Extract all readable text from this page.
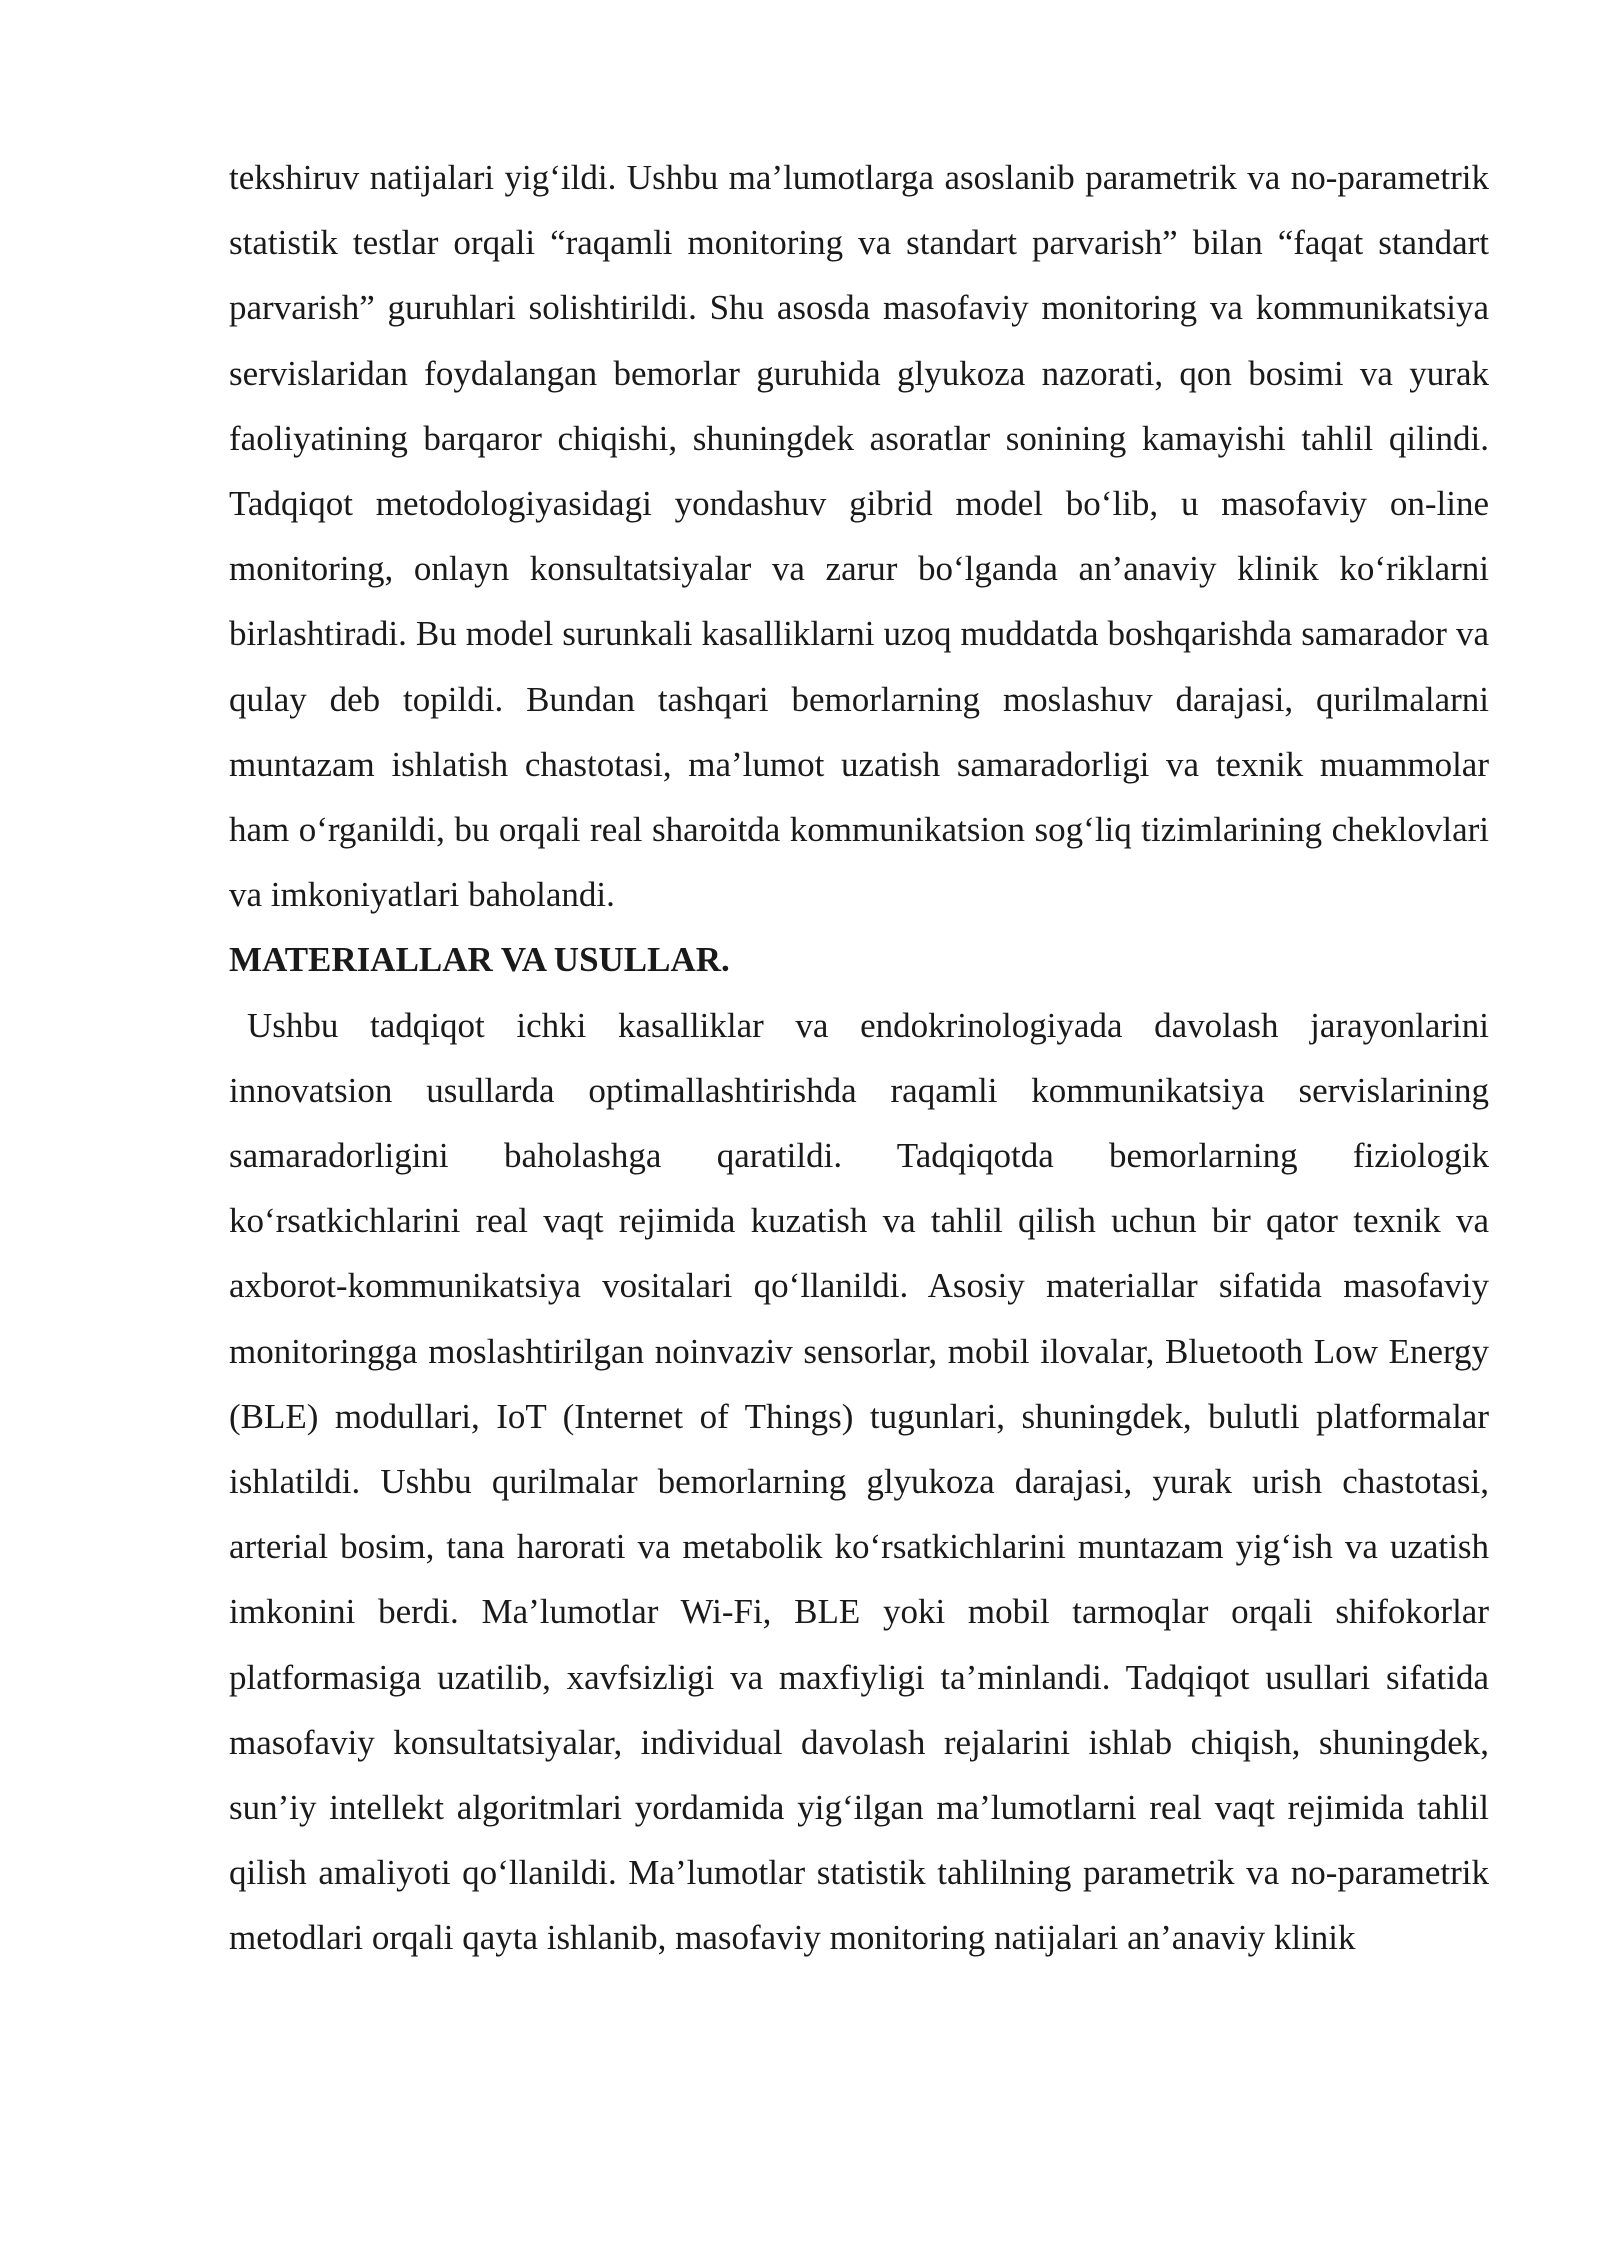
tekshiruv natijalari yig‘ildi. Ushbu ma’lumotlarga asoslanib parametrik va no-parametrik statistik testlar orqali “raqamli monitoring va standart parvarish” bilan “faqat standart parvarish” guruhlari solishtirildi. Shu asosda masofaviy monitoring va kommunikatsiya servislaridan foydalangan bemorlar guruhida glyukoza nazorati, qon bosimi va yurak faoliyatining barqaror chiqishi, shuningdek asoratlar sonining kamayishi tahlil qilindi. Tadqiqot metodologiyasidagi yondashuv gibrid model bo‘lib, u masofaviy on-line monitoring, onlayn konsultatsiyalar va zarur bo‘lganda an’anaviy klinik ko‘riklarni birlashtiradi. Bu model surunkali kasalliklarni uzoq muddatda boshqarishda samarador va qulay deb topildi. Bundan tashqari bemorlarning moslashuv darajasi, qurilmalarni muntazam ishlatish chastotasi, ma’lumot uzatish samaradorligi va texnik muammolar ham o‘rganildi, bu orqali real sharoitda kommunikatsion sog‘liq tizimlarining cheklovlari va imkoniyatlari baholandi.

MATERIALLAR VA USULLAR.

Ushbu tadqiqot ichki kasalliklar va endokrinologiyada davolash jarayonlarini innovatsion usullarda optimallashtirishda raqamli kommunikatsiya servislarining samaradorligini baholashga qaratildi. Tadqiqotda bemorlarning fiziologik ko‘rsatkichlarini real vaqt rejimida kuzatish va tahlil qilish uchun bir qator texnik va axborot-kommunikatsiya vositalari qo‘llanildi. Asosiy materiallar sifatida masofaviy monitoringga moslashtirilgan noinvaziv sensorlar, mobil ilovalar, Bluetooth Low Energy (BLE) modullari, IoT (Internet of Things) tugunlari, shuningdek, bulutli platformalar ishlatildi. Ushbu qurilmalar bemorlarning glyukoza darajasi, yurak urish chastotasi, arterial bosim, tana harorati va metabolik ko‘rsatkichlarini muntazam yig‘ish va uzatish imkonini berdi. Ma’lumotlar Wi-Fi, BLE yoki mobil tarmoqlar orqali shifokorlar platformasiga uzatilib, xavfsizligi va maxfiyligi ta’minlandi. Tadqiqot usullari sifatida masofaviy konsultatsiyalar, individual davolash rejalarini ishlab chiqish, shuningdek, sun’iy intellekt algoritmlari yordamida yig‘ilgan ma’lumotlarni real vaqt rejimida tahlil qilish amaliyoti qo‘llanildi. Ma’lumotlar statistik tahlilning parametrik va no-parametrik metodlari orqali qayta ishlanib, masofaviy monitoring natijalari an’anaviy klinik
